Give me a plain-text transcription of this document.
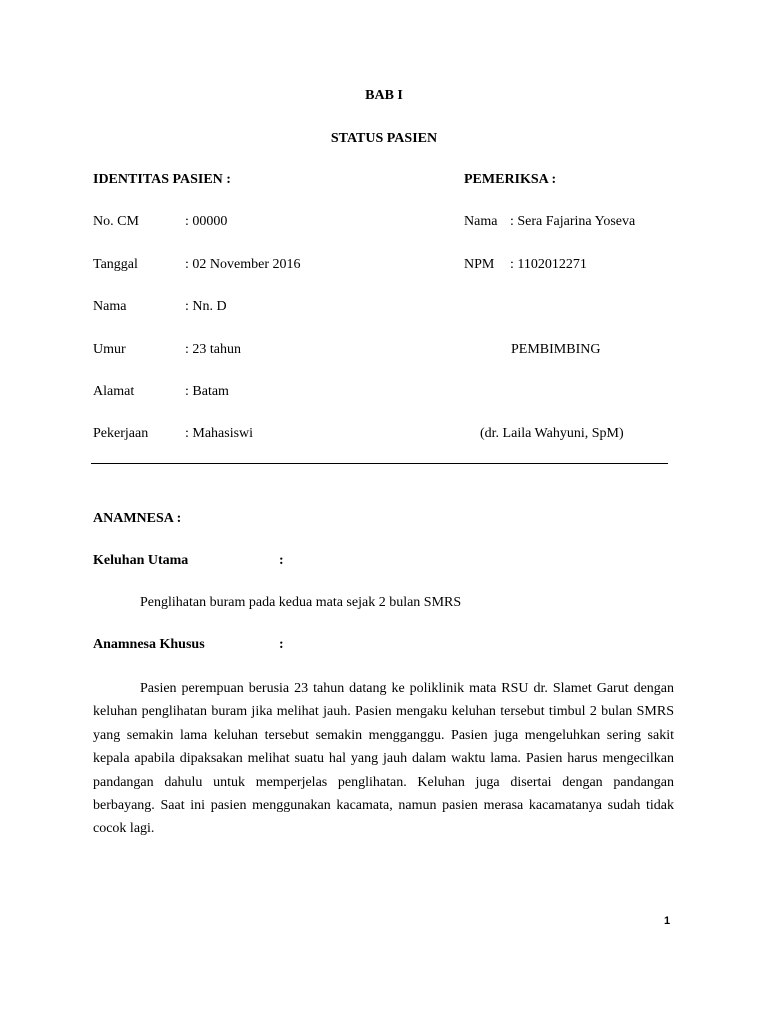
BAB I
STATUS PASIEN
IDENTITAS PASIEN :
No. CM	: 00000
Tanggal	: 02 November 2016
Nama	: Nn. D
Umur	: 23 tahun
Alamat	: Batam
Pekerjaan	: Mahasiswi
PEMERIKSA :
Nama : Sera Fajarina Yoseva
NPM : 1102012271
PEMBIMBING
(dr. Laila Wahyuni, SpM)
ANAMNESA :
Keluhan Utama	:
Penglihatan buram pada kedua mata sejak 2 bulan SMRS
Anamnesa Khusus	:

Pasien perempuan berusia 23 tahun datang ke poliklinik mata RSU dr. Slamet Garut dengan keluhan penglihatan buram jika melihat jauh. Pasien mengaku keluhan tersebut timbul 2 bulan SMRS yang semakin lama keluhan tersebut semakin mengganggu. Pasien juga mengeluhkan sering sakit kepala apabila dipaksakan melihat suatu hal yang jauh dalam waktu lama. Pasien harus mengecilkan pandangan dahulu untuk memperjelas penglihatan. Keluhan juga disertai dengan pandangan berbayang. Saat ini pasien menggunakan kacamata, namun pasien merasa kacamatanya sudah tidak cocok lagi.

1
